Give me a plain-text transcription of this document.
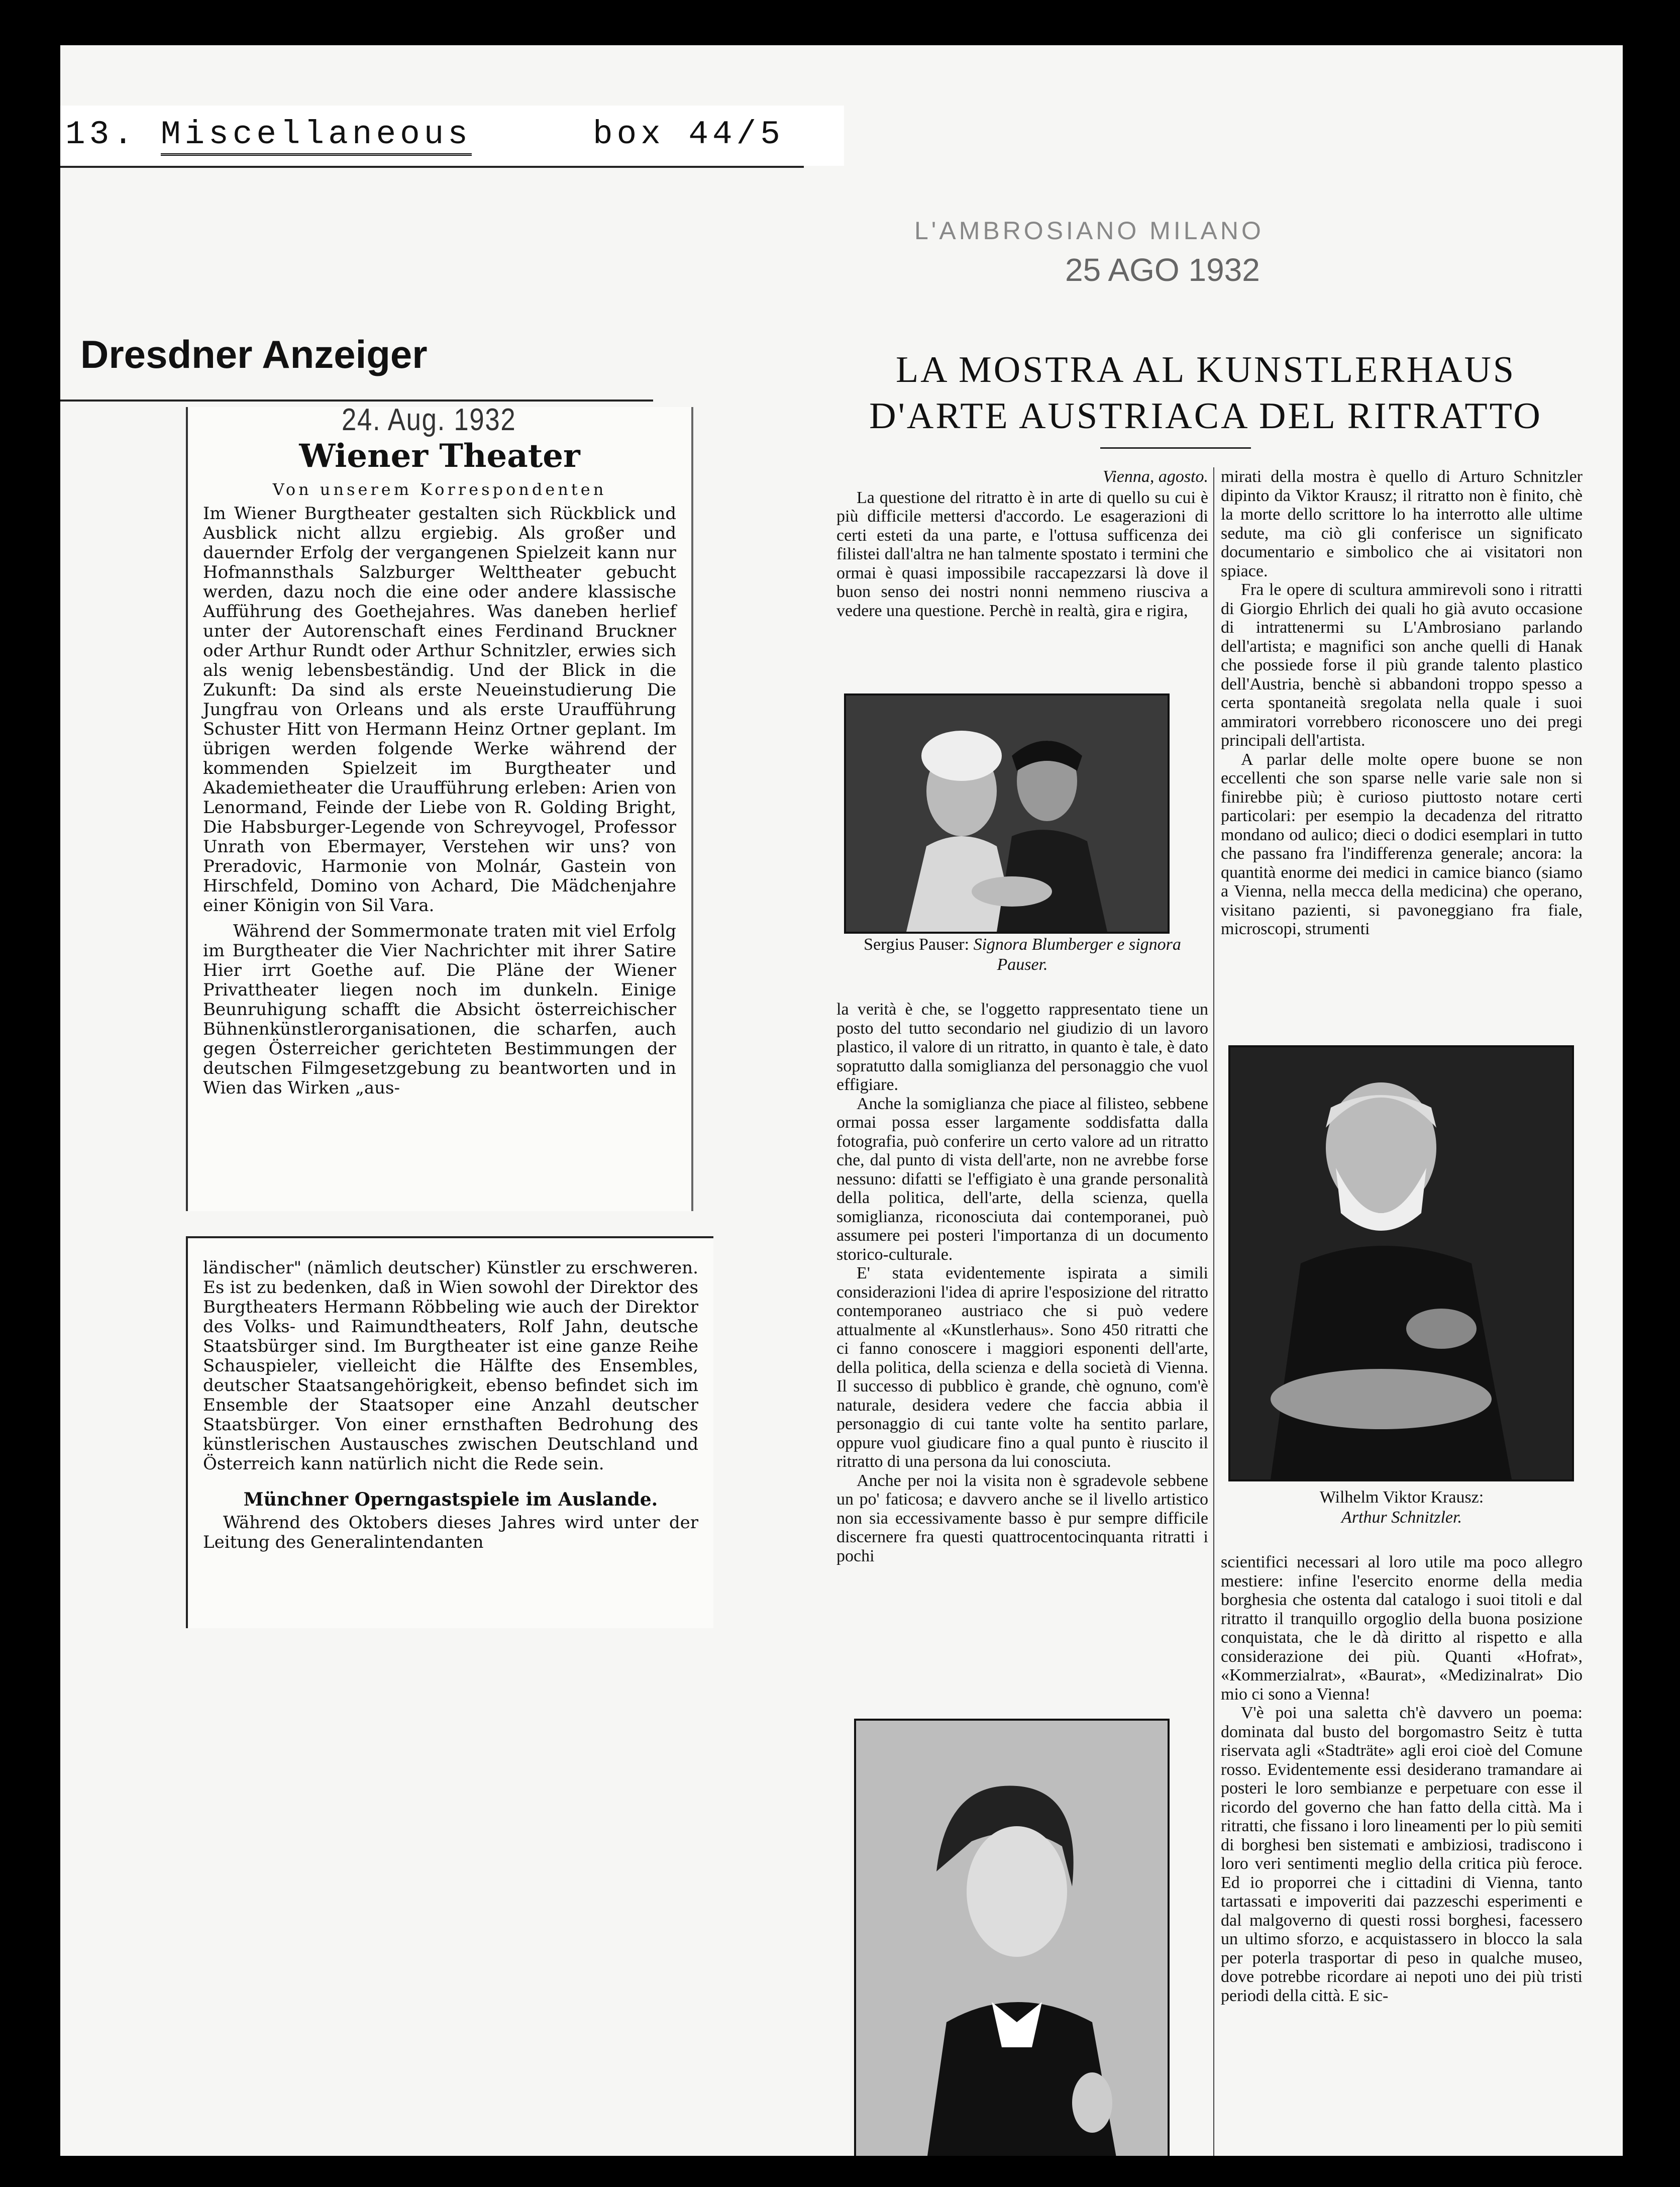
13. Miscellaneous	box 44/5
Dresdner Anzeiger
Wiener Theater
Von unserem Korrespondenten

Im Wiener Burgtheater gestalten sich Rückblick und Ausblick nicht allzu ergiebig. Als großer und dauernder Erfolg der vergangenen Spielzeit kann nur Hofmannsthals Salzburger Welttheater gebucht werden, dazu noch die eine oder andere klassische Aufführung des Goethejahres. Was daneben herlief unter der Autorenschaft eines Ferdinand Bruckner oder Arthur Rundt oder Arthur Schnitzler, erwies sich als wenig lebensbeständig. Und der Blick in die Zukunft: Da sind als erste Neueinstudierung Die Jungfrau von Orleans und als erste Uraufführung Schuster Hitt von Hermann Heinz Ortner geplant. Im übrigen werden folgende Werke während der kommenden Spielzeit im Burgtheater und Akademietheater die Uraufführung erleben: Arien von Lenormand, Feinde der Liebe von R. Golding Bright, Die Habsburger-Legende von Schreyvogel, Professor Unrath von Ebermayer, Verstehen wir uns? von Preradovic, Harmonie von Molnár, Gastein von Hirschfeld, Domino von Achard, Die Mädchenjahre einer Königin von Sil Vara.

Während der Sommermonate traten mit viel Erfolg im Burgtheater die Vier Nachrichter mit ihrer Satire Hier irrt Goethe auf. Die Pläne der Wiener Privattheater liegen noch im dunkeln. Einige Beunruhigung schafft die Absicht österreichischer Bühnenkünstlerorganisationen, die scharfen, auch gegen Österreicher gerichteten Bestimmungen der deutschen Filmgesetzgebung zu beantworten und in Wien das Wirken „aus-

24. Aug. 1932

ländischer" (nämlich deutscher) Künstler zu erschweren. Es ist zu bedenken, daß in Wien sowohl der Direktor des Burgtheaters Hermann Röbbeling wie auch der Direktor des Volks- und Raimundtheaters, Rolf Jahn, deutsche Staatsbürger sind. Im Burgtheater ist eine ganze Reihe Schauspieler, vielleicht die Hälfte des Ensembles, deutscher Staatsangehörigkeit, ebenso befindet sich im Ensemble der Staatsoper eine Anzahl deutscher Staatsbürger. Von einer ernsthaften Bedrohung des künstlerischen Austausches zwischen Deutschland und Österreich kann natürlich nicht die Rede sein.

Münchner Operngastspiele im Auslande.

Während des Oktobers dieses Jahres wird unter der Leitung des Generalintendanten

L'AMBROSIANO MILANO
25 AGO 1932
LA MOSTRA AL KUNSTLERHAUS
D'ARTE AUSTRIACA DEL RITRATTO

Vienna, agosto.

La questione del ritratto è in arte di quello su cui è più difficile mettersi d'accordo. Le esagerazioni di certi esteti da una parte, e l'ottusa sufficenza dei filistei dall'altra ne han talmente spostato i termini che ormai è quasi impossibile raccapezzarsi là dove il buon senso dei nostri nonni nemmeno riusciva a vedere una questione. Perchè in realtà, gira e rigira,

Sergius Pauser: Signora Blumberger e signora Pauser.

la verità è che, se l'oggetto rappresentato tiene un posto del tutto secondario nel giudizio di un lavoro plastico, il valore di un ritratto, in quanto è tale, è dato sopratutto dalla somiglianza del personaggio che vuol effigiare.

Anche la somiglianza che piace al filisteo, sebbene ormai possa esser largamente soddisfatta dalla fotografia, può conferire un certo valore ad un ritratto che, dal punto di vista dell'arte, non ne avrebbe forse nessuno: difatti se l'effigiato è una grande personalità della politica, dell'arte, della scienza, quella somiglianza, riconosciuta dai contemporanei, può assumere pei posteri l'importanza di un documento storico-culturale.

E' stata evidentemente ispirata a simili considerazioni l'idea di aprire l'esposizione del ritratto contemporaneo austriaco che si può vedere attualmente al «Kunstlerhaus». Sono 450 ritratti che ci fanno conoscere i maggiori esponenti dell'arte, della politica, della scienza e della società di Vienna. Il successo di pubblico è grande, chè ognuno, com'è naturale, desidera vedere che faccia abbia il personaggio di cui tante volte ha sentito parlare, oppure vuol giudicare fino a qual punto è riuscito il ritratto di una persona da lui conosciuta.

Anche per noi la visita non è sgradevole sebbene un po' faticosa; e davvero anche se il livello artistico non sia eccessivamente basso è pur sempre difficile discernere fra questi quattrocentocinquanta ritratti i pochi

mirati della mostra è quello di Arturo Schnitzler dipinto da Viktor Krausz; il ritratto non è finito, chè la morte dello scrittore lo ha interrotto alle ultime sedute, ma ciò gli conferisce un significato documentario e simbolico che ai visitatori non spiace.

Fra le opere di scultura ammirevoli sono i ritratti di Giorgio Ehrlich dei quali ho già avuto occasione di intrattenermi su L'Ambrosiano parlando dell'artista; e magnifici son anche quelli di Hanak che possiede forse il più grande talento plastico dell'Austria, benchè si abbandoni troppo spesso a certa spontaneità sregolata nella quale i suoi ammiratori vorrebbero riconoscere uno dei pregi principali dell'artista.

A parlar delle molte opere buone se non eccellenti che son sparse nelle varie sale non si finirebbe più; è curioso piuttosto notare certi particolari: per esempio la decadenza del ritratto mondano od aulico; dieci o dodici esemplari in tutto che passano fra l'indifferenza generale; ancora: la quantità enorme dei medici in camice bianco (siamo a Vienna, nella mecca della medicina) che operano, visitano pazienti, si pavoneggiano fra fiale, microscopi, strumenti

Wilhelm Viktor Krausz:
Arthur Schnitzler.

scientifici necessari al loro utile ma poco allegro mestiere: infine l'esercito enorme della media borghesia che ostenta dal catalogo i suoi titoli e dal ritratto il tranquillo orgoglio della buona posizione conquistata, che le dà diritto al rispetto e alla considerazione dei più. Quanti «Hofrat», «Kommerzialrat», «Baurat», «Medizinalrat» Dio mio ci sono a Vienna!

V'è poi una saletta ch'è davvero un poema: dominata dal busto del borgomastro Seitz è tutta riservata agli «Stadträte» agli eroi cioè del Comune rosso. Evidentemente essi desiderano tramandare ai posteri le loro sembianze e perpetuare con esse il ricordo del governo che han fatto della città. Ma i ritratti, che fissano i loro lineamenti per lo più semiti di borghesi ben sistemati e ambiziosi, tradiscono i loro veri sentimenti meglio della critica più feroce. Ed io proporrei che i cittadini di Vienna, tanto tartassati e impoveriti dai pazzeschi esperimenti e dal malgoverno di questi rossi borghesi, facessero un ultimo sforzo, e acquistassero in blocco la sala per poterla trasportar di peso in qualche museo, dove potrebbe ricordare ai nepoti uno dei più tristi periodi della città. E sic-
